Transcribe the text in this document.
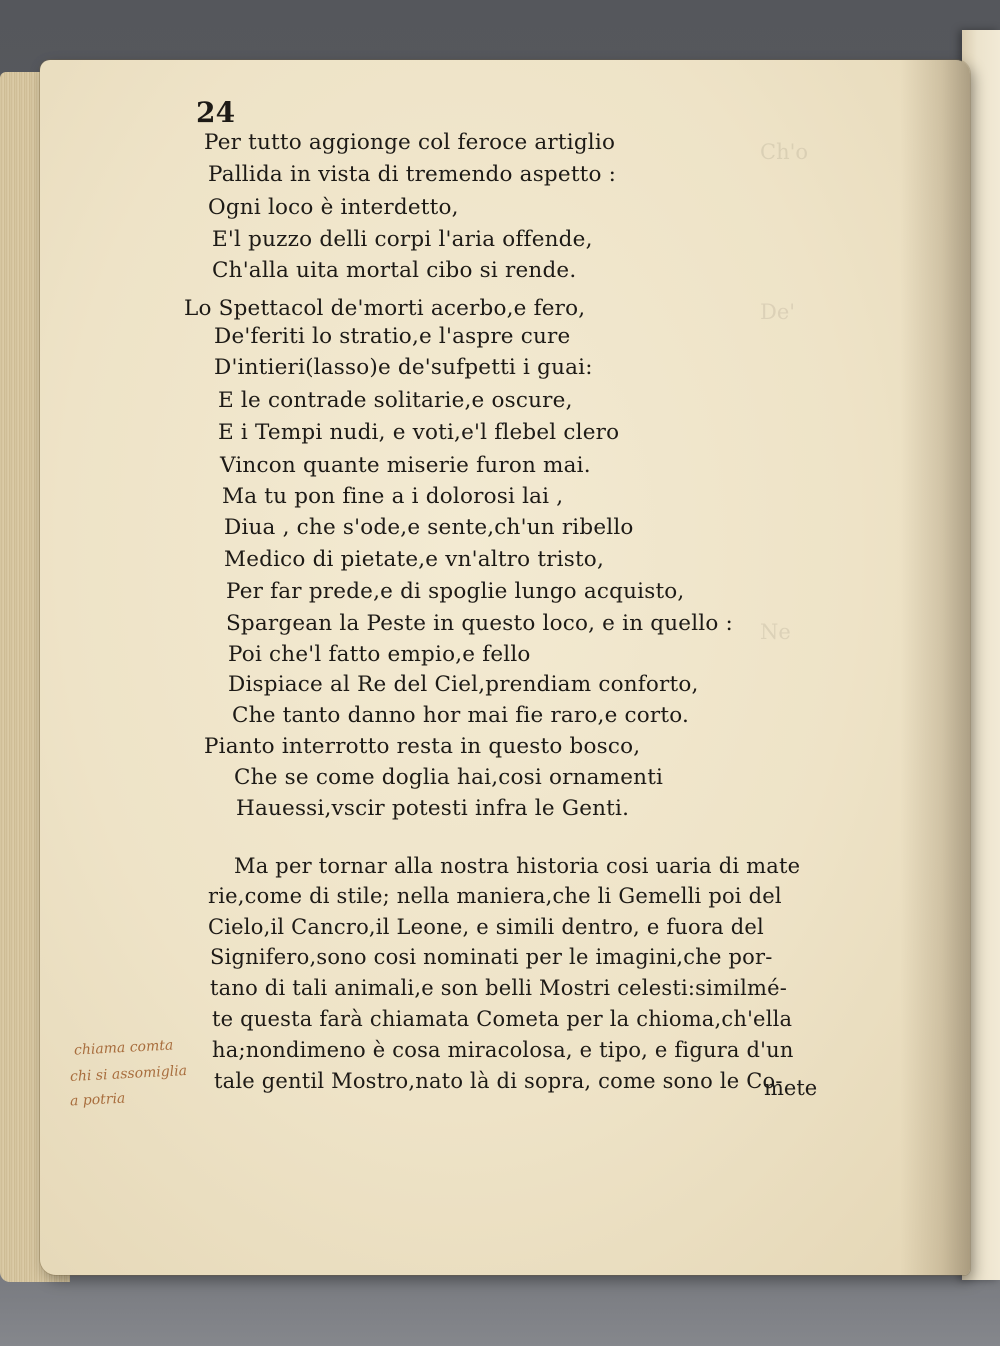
Ch'o
De'
Ne
24
Per tutto aggionge col feroce artiglio
Pallida in vista di tremendo aspetto :
Ogni loco è interdetto,
E'l puzzo delli corpi l'aria offende,
Ch'alla uita mortal cibo si rende.
Lo Spettacol de'morti acerbo,e fero,
De'feriti lo stratio,e l'aspre cure
D'intieri(lasso)e de'sufpetti i guai:
E le contrade solitarie,e oscure,
E i Tempi nudi, e voti,e'l flebel clero
Vincon quante miserie furon mai.
Ma tu pon fine a i dolorosi lai ,
Diua , che s'ode,e sente,ch'un ribello
Medico di pietate,e vn'altro tristo,
Per far prede,e di spoglie lungo acquisto,
Spargean la Peste in questo loco, e in quello :
Poi che'l fatto empio,e fello
Dispiace al Re del Ciel,prendiam conforto,
Che tanto danno hor mai fie raro,e corto.
Pianto interrotto resta in questo bosco,
Che se come doglia hai,cosi ornamenti
Hauessi,vscir potesti infra le Genti.
Ma per tornar alla nostra historia cosi uaria di mate
rie,come di stile; nella maniera,che li Gemelli poi del
Cielo,il Cancro,il Leone, e simili dentro, e fuora del
Signifero,sono cosi nominati per le imagini,che por-
tano di tali animali,e son belli Mostri celesti:similmé-
te questa farà chiamata Cometa per la chioma,ch'ella
ha;nondimeno è cosa miracolosa, e tipo, e figura d'un
tale gentil Mostro,nato là di sopra, come sono le Co-
mete
chiama comta
chi si assomiglia
a potria
